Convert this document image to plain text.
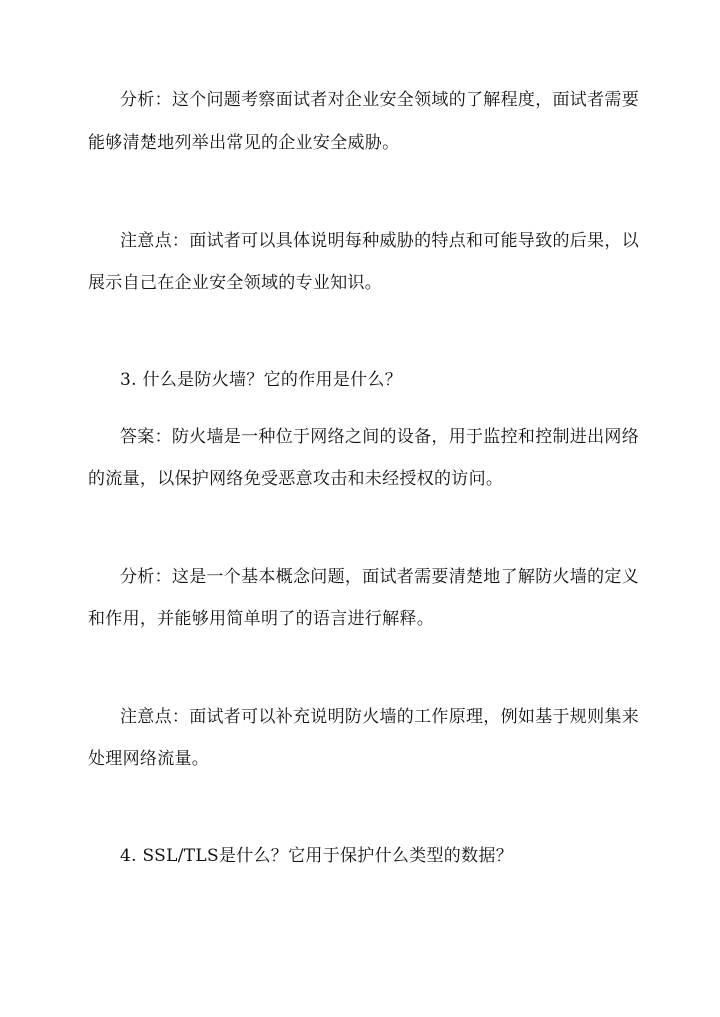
分析：这个问题考察面试者对企业安全领域的了解程度，面试者需要

能够清楚地列举出常见的企业安全威胁。

注意点：面试者可以具体说明每种威胁的特点和可能导致的后果，以

展示自己在企业安全领域的专业知识。

3. 什么是防火墙？它的作用是什么？

答案：防火墙是一种位于网络之间的设备，用于监控和控制进出网络

的流量，以保护网络免受恶意攻击和未经授权的访问。

分析：这是一个基本概念问题，面试者需要清楚地了解防火墙的定义

和作用，并能够用简单明了的语言进行解释。

注意点：面试者可以补充说明防火墙的工作原理，例如基于规则集来

处理网络流量。

4. SSL/TLS是什么？它用于保护什么类型的数据？
